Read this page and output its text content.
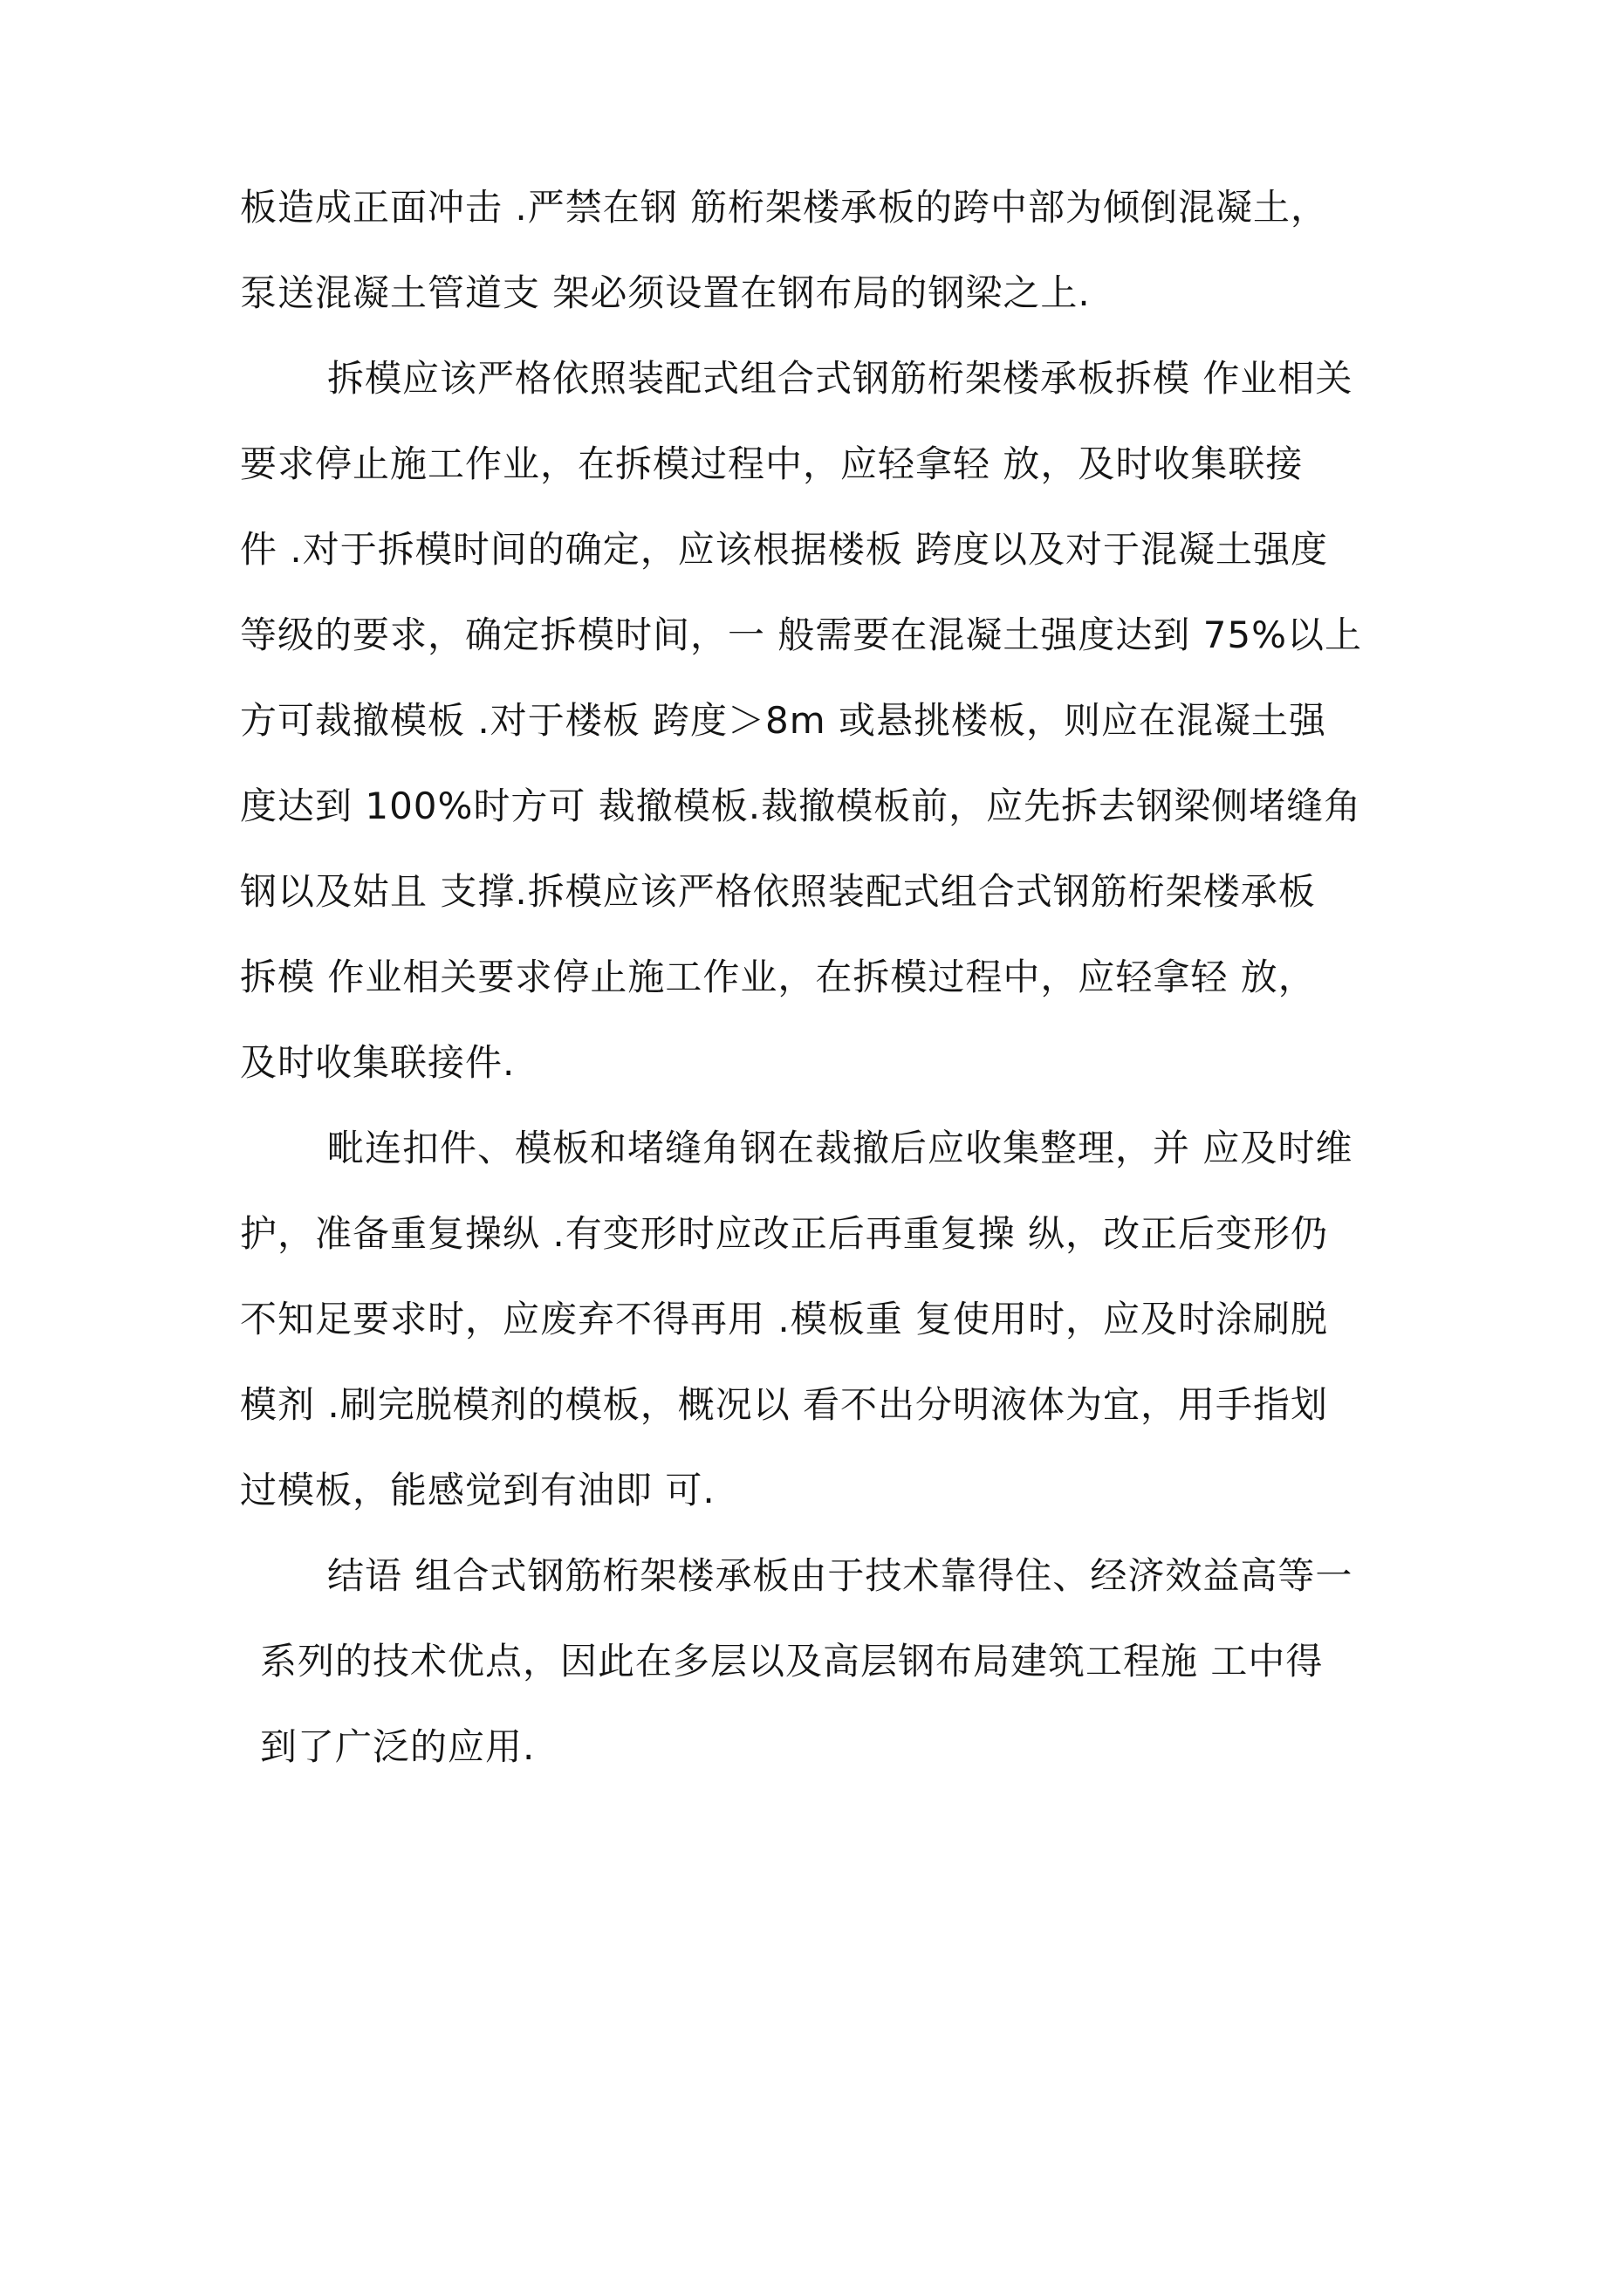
板造成正面冲击 .严禁在钢 筋桁架楼承板的跨中部为倾倒混凝土，
泵送混凝土管道支 架必须设置在钢布局的钢梁之上.
拆模应该严格依照装配式组合式钢筋桁架楼承板拆模 作业相关
要求停止施工作业，在拆模过程中，应轻拿轻 放，及时收集联接
件 .对于拆模时间的确定，应该根据楼板 跨度以及对于混凝土强度
等级的要求，确定拆模时间，一 般需要在混凝土强度达到 75%以上
方可裁撤模板 .对于楼板 跨度＞8m 或悬挑楼板，则应在混凝土强
度达到 100%时方可 裁撤模板.裁撤模板前，应先拆去钢梁侧堵缝角
钢以及姑且 支撑.拆模应该严格依照装配式组合式钢筋桁架楼承板
拆模 作业相关要求停止施工作业，在拆模过程中，应轻拿轻 放，
及时收集联接件.
毗连扣件、模板和堵缝角钢在裁撤后应收集整理，并 应及时维
护，准备重复操纵 .有变形时应改正后再重复操 纵，改正后变形仍
不知足要求时，应废弃不得再用 .模板重 复使用时，应及时涂刷脱
模剂 .刷完脱模剂的模板，概况以 看不出分明液体为宜，用手指划
过模板，能感觉到有油即 可.
结语 组合式钢筋桁架楼承板由于技术靠得住、经济效益高等一
系列的技术优点，因此在多层以及高层钢布局建筑工程施 工中得
到了广泛的应用.
